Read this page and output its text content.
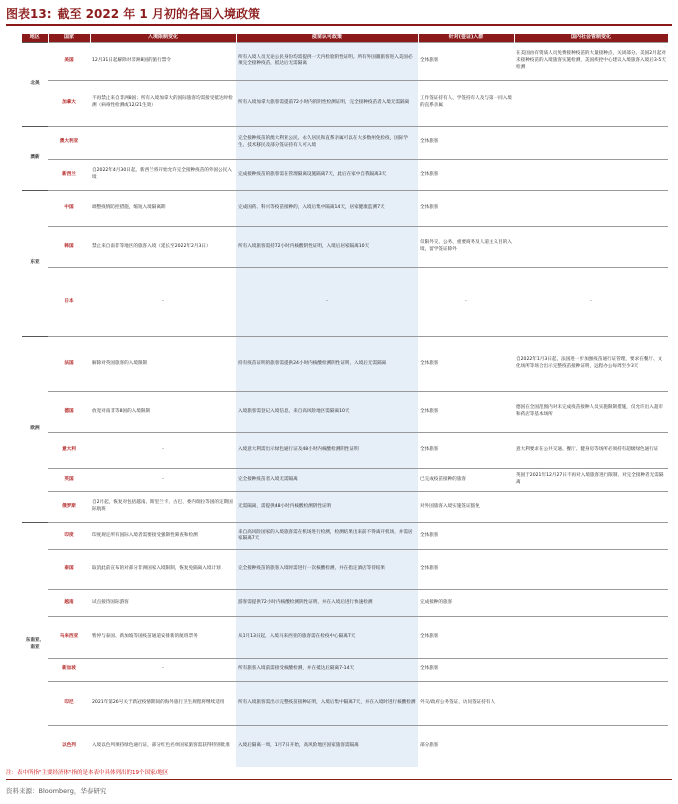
图表13: 截至 2022 年 1 月初的各国入境政策
地区	国家	入境限制变化	疫苗认可政策	针对(签证)入群	国内社会管制变化
北美	美国	12月31日起解除对非洲8国的旅行禁令	所有入境人员无论公民身份均需提供一天内检验阴性证明。所有外国籍旅客进入美国必须完全接种疫苗，抵达后无需隔离	全体旅客	在美国由有资质人员免费接种疫苗的大量接种点，关闭部分。美国2月起对未接种疫苗的入境旅客实施检测，美国疾控中心建议入境旅客入境后3-5天检测

	加拿大	不再禁止来自非洲8国；所有入境加拿大的国际旅客均需接受抵达时检测（病毒性检测或12/21生效）	所有入境加拿大旅客需提前72小时内的阴性检测证明，完全接种疫苗者入境无需隔离	工作签证持有人、学签持有人及与第一同入境的直系亲属	

澳新	澳大利亚		完全接种疫苗的澳大利亚公民、永久居民和直系亲属可以在大多数州免检疫，国际学生、技术移民及部分签证持有人可入境	全体旅客	

	新西兰	自2022年4月30日起，新西兰将开始允许完全接种疫苗的外国公民入境	完成接种疫苗的旅客需在管理隔离设施隔离7天，此后在家中自我隔离3天	全体旅客	

东亚	中国	调整疫情防控措施，缩短入境隔离期	完成国药、科兴等疫苗接种的，入境后集中隔离14天，居家健康监测7天	全体旅客	

	韩国	禁止来自南非等地区的旅客入境（延长至2022年2月3日）	所有入境旅客需持72小时内核酸阴性证明，入境后居家隔离10天	仅限外交、公务、重要商务及人道主义目的入境，留学签证除外	

	日本	-	-	-	-

欧洲	法国	解除对英国旅客的入境限制	持有疫苗证明的旅客需提供24小时内核酸检测阴性证明，入境后无需隔离	全体旅客	自2022年1月3日起，法国进一步加强疫苗通行证管理，要求在餐厅、文化场所等场合出示完整疫苗接种证明，远程办公每周至少3天

	德国	放宽对南非等8国的入境限制	入境旅客需登记入境信息，来自高风险地区需隔离10天	全体旅客	德国在全国范围内对未完成疫苗接种人员实施限制措施，仅允许出入超市和药店等基本场所

	意大利	-	入境意大利需出示绿色通行证及48小时内核酸检测阴性证明	全体旅客	意大利要求在公共交通、餐厅、健身房等场所必须持有超级绿色通行证

	英国	-	完全接种疫苗者入境无需隔离	已完成疫苗接种的旅客	英国于2021年12月27日不再对入境旅客进行限制，对完全接种者无需隔离

	俄罗斯	自2月起，恢复对包括越南、斯里兰卡、古巴、委内瑞拉等国的定期国际航班	无需隔离，需提供48小时内核酸检测阴性证明	对外国旅客入境实施签证豁免	

东南亚、南亚	印度	印度规定所有国际入境者需要接受强制性筛查和检测	来自高风险国家的入境旅客需在机场进行检测，检测结果出来前不得离开机场，并需居家隔离7天	全体旅客	

	泰国	取消此前宣布的对部分非洲国家入境限制，恢复免隔离入境计划	完全接种疫苗的旅客入境时需进行一次核酸检测，并在指定酒店等待结果	全体旅客	

	越南	试点接待国际游客	游客需提供72小时内核酸检测阴性证明，并在入境后进行快速检测	完成接种的旅客	

	马来西亚	暂停与泰国、新加坡等国疫苗通道安排新的航班票务	从1月13日起，入境马来西亚的旅客需在检疫中心隔离7天	全体旅客	

	新加坡	-	所有旅客入境前需接受核酸检测，并在抵达后隔离7-14天	全体旅客	

	印尼	2021年第26号关于新冠疫情期间的海外旅行卫生规程将继续适用	所有入境旅客需出示完整疫苗接种证明，入境后集中隔离7天，并在入境时进行核酸检测	外交/政府公务签证、访问签证持有人	

	以色列	入境以色列须持绿色通行证，部分红色名单国家旅客需获得特别批准	入境后隔离一周，1月7日开始，高风险地区国家旅客需隔离	部分旅客	

注：表中所指"主要经济体"指的是本表中具体列出的19个国家/地区
资料来源：Bloomberg，华泰研究
